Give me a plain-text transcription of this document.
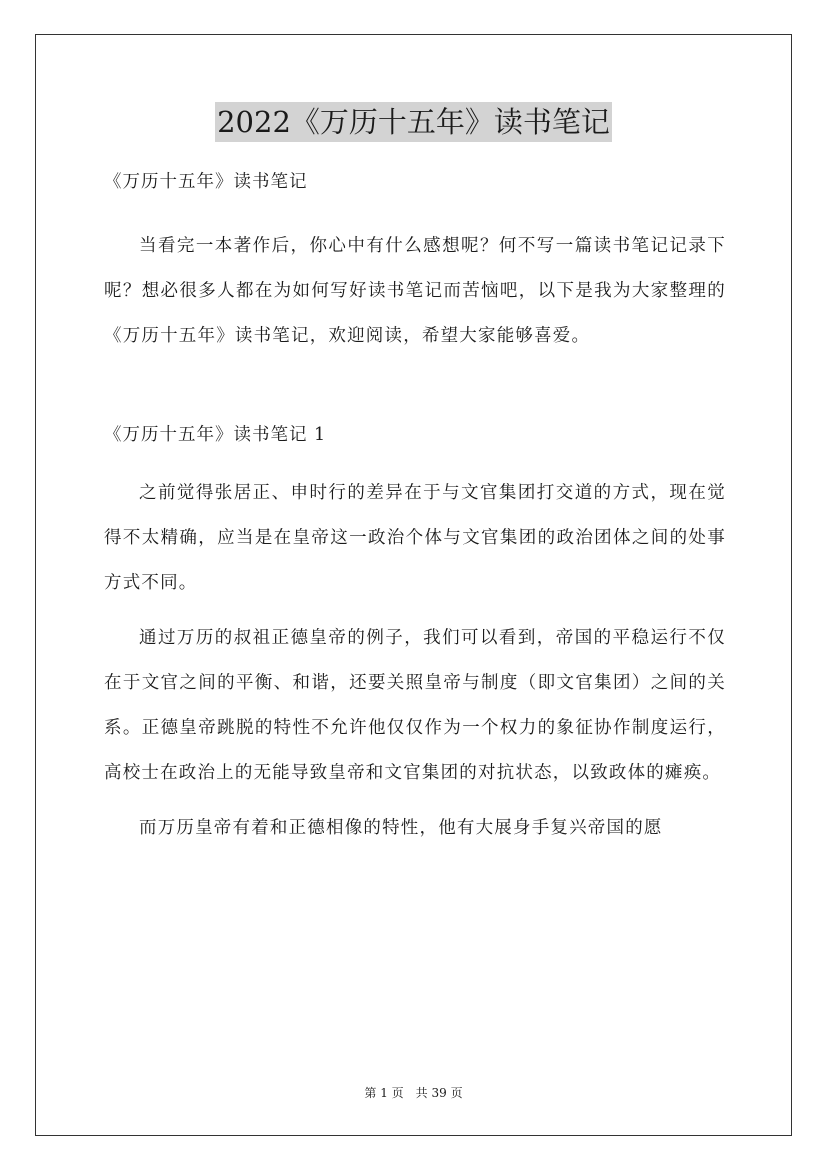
2022《万历十五年》读书笔记

《万历十五年》读书笔记

当看完一本著作后，你心中有什么感想呢？何不写一篇读书笔记记录下呢？想必很多人都在为如何写好读书笔记而苦恼吧，以下是我为大家整理的《万历十五年》读书笔记，欢迎阅读，希望大家能够喜爱。

《万历十五年》读书笔记 1

之前觉得张居正、申时行的差异在于与文官集团打交道的方式，现在觉得不太精确，应当是在皇帝这一政治个体与文官集团的政治团体之间的处事方式不同。

通过万历的叔祖正德皇帝的例子，我们可以看到，帝国的平稳运行不仅在于文官之间的平衡、和谐，还要关照皇帝与制度（即文官集团）之间的关系。正德皇帝跳脱的特性不允许他仅仅作为一个权力的象征协作制度运行，高校士在政治上的无能导致皇帝和文官集团的对抗状态，以致政体的瘫痪。

而万历皇帝有着和正德相像的特性，他有大展身手复兴帝国的愿

第 1 页　共 39 页
